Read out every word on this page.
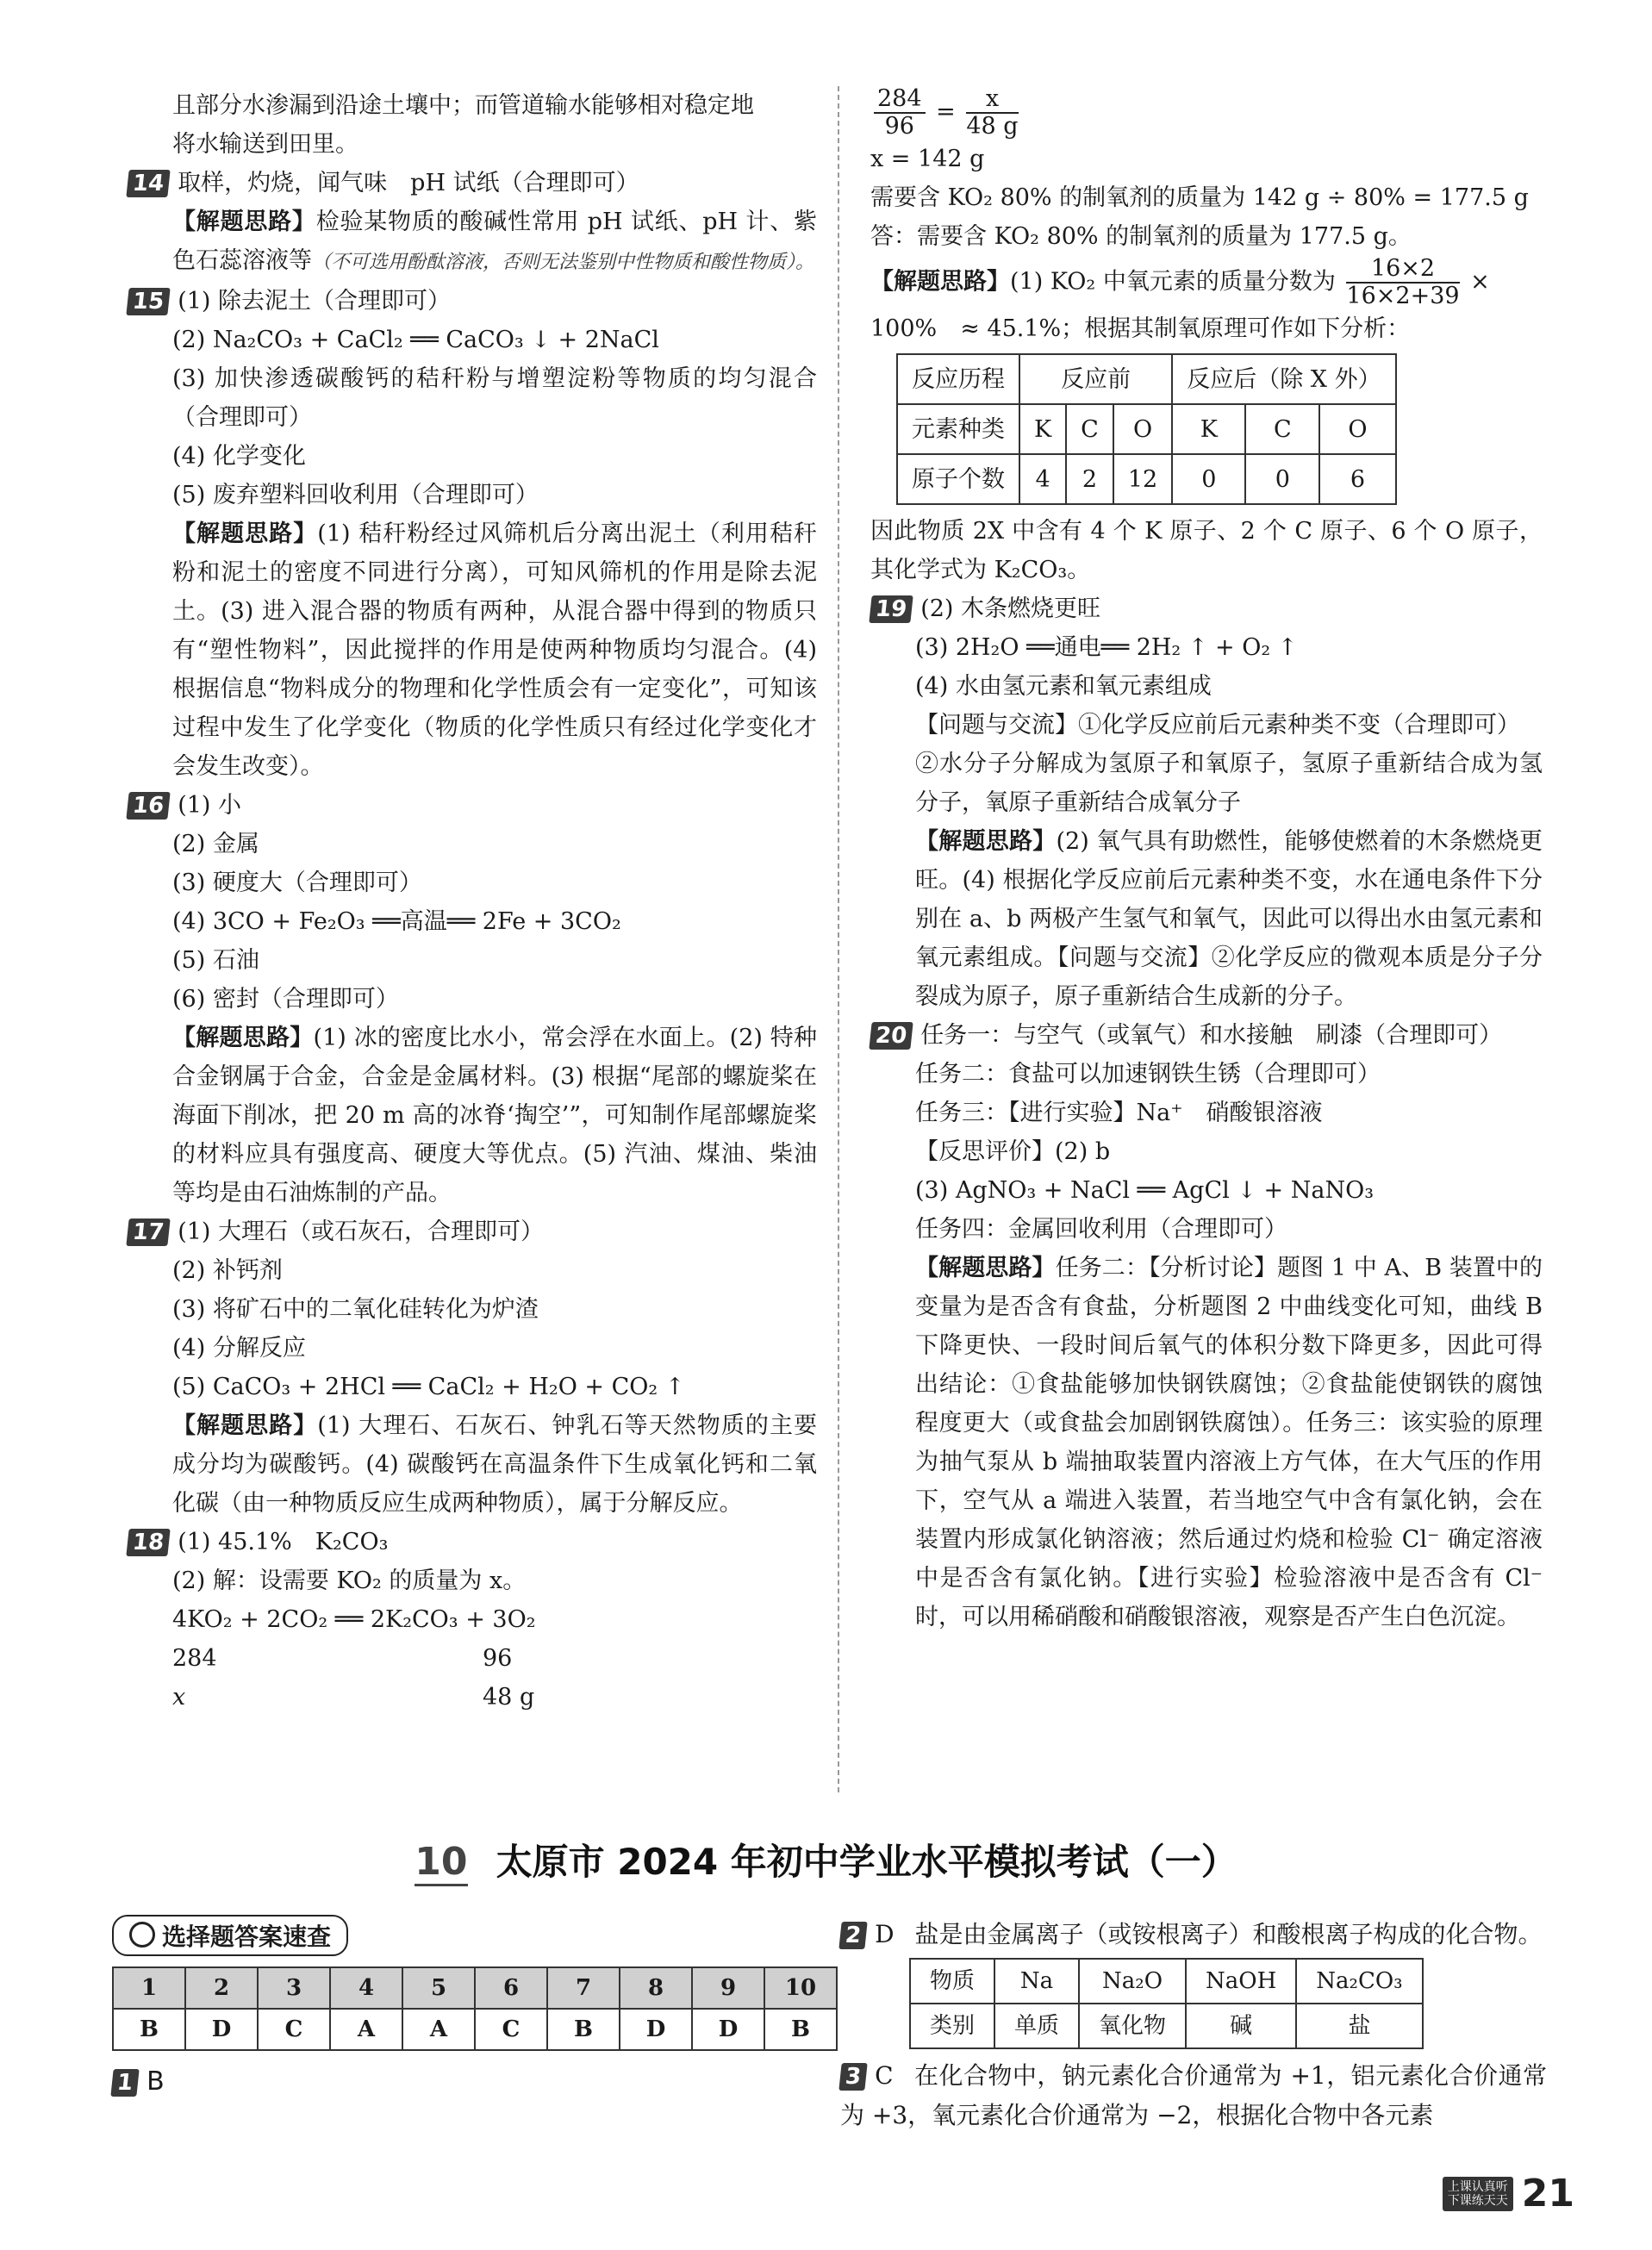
且部分水渗漏到沿途土壤中；而管道输水能够相对稳定地
将水输送到田里。
14 取样，灼烧，闻气味　pH 试纸（合理即可）
【解题思路】检验某物质的酸碱性常用 pH 试纸、pH 计、紫色石蕊溶液等（不可选用酚酞溶液，否则无法鉴别中性物质和酸性物质）。
15 (1) 除去泥土（合理即可）
(2) Na₂CO₃ + CaCl₂ ══ CaCO₃ ↓ + 2NaCl
(3) 加快渗透碳酸钙的秸秆粉与增塑淀粉等物质的均匀混合（合理即可）
(4) 化学变化
(5) 废弃塑料回收利用（合理即可）
【解题思路】(1) 秸秆粉经过风筛机后分离出泥土（利用秸秆粉和泥土的密度不同进行分离），可知风筛机的作用是除去泥土。(3) 进入混合器的物质有两种，从混合器中得到的物质只有“塑性物料”，因此搅拌的作用是使两种物质均匀混合。(4) 根据信息“物料成分的物理和化学性质会有一定变化”，可知该过程中发生了化学变化（物质的化学性质只有经过化学变化才会发生改变）。
16 (1) 小
(2) 金属
(3) 硬度大（合理即可）
(4) 3CO + Fe₂O₃ ══高温══ 2Fe + 3CO₂
(5) 石油
(6) 密封（合理即可）
【解题思路】(1) 冰的密度比水小，常会浮在水面上。(2) 特种合金钢属于合金，合金是金属材料。(3) 根据“尾部的螺旋桨在海面下削冰，把 20 m 高的冰脊‘掏空’”，可知制作尾部螺旋桨的材料应具有强度高、硬度大等优点。(5) 汽油、煤油、柴油等均是由石油炼制的产品。
17 (1) 大理石（或石灰石，合理即可）
(2) 补钙剂
(3) 将矿石中的二氧化硅转化为炉渣
(4) 分解反应
(5) CaCO₃ + 2HCl ══ CaCl₂ + H₂O + CO₂ ↑
【解题思路】(1) 大理石、石灰石、钟乳石等天然物质的主要成分均为碳酸钙。(4) 碳酸钙在高温条件下生成氧化钙和二氧化碳（由一种物质反应生成两种物质），属于分解反应。
18 (1) 45.1%　K₂CO₃
(2) 解：设需要 KO₂ 的质量为 x。
4KO₂ + 2CO₂ ══ 2K₂CO₃ + 3O₂
284	96
x	48 g
$\frac{284}{96} = \frac{x}{48 g}$
x = 142 g
需要含 KO₂ 80% 的制氧剂的质量为 142 g ÷ 80% = 177.5 g
答：需要含 KO₂ 80% 的制氧剂的质量为 177.5 g。
【解题思路】(1) KO₂ 中氧元素的质量分数为 $\frac{16\times 2}{16\times 2+39}$ ×
100%　≈ 45.1%；根据其制氧原理可作如下分析：
反应历程	反应前			反应后（除 X 外）		
元素种类	K	C	O	K	C	O
原子个数	4	2	12	0	0	6
因此物质 2X 中含有 4 个 K 原子、2 个 C 原子、6 个 O 原子，其化学式为 K₂CO₃。
19 (2) 木条燃烧更旺
(3) 2H₂O ══通电══ 2H₂ ↑ + O₂ ↑
(4) 水由氢元素和氧元素组成
【问题与交流】①化学反应前后元素种类不变（合理即可）
②水分子分解成为氢原子和氧原子，氢原子重新结合成为氢分子，氧原子重新结合成氧分子
【解题思路】(2) 氧气具有助燃性，能够使燃着的木条燃烧更旺。(4) 根据化学反应前后元素种类不变，水在通电条件下分别在 a、b 两极产生氢气和氧气，因此可以得出水由氢元素和氧元素组成。【问题与交流】②化学反应的微观本质是分子分裂成为原子，原子重新结合生成新的分子。
20 任务一：与空气（或氧气）和水接触　刷漆（合理即可）
任务二：食盐可以加速钢铁生锈（合理即可）
任务三：【进行实验】Na⁺　硝酸银溶液
【反思评价】(2) b
(3) AgNO₃ + NaCl ══ AgCl ↓ + NaNO₃
任务四：金属回收利用（合理即可）
【解题思路】任务二：【分析讨论】题图 1 中 A、B 装置中的变量为是否含有食盐，分析题图 2 中曲线变化可知，曲线 B 下降更快、一段时间后氧气的体积分数下降更多，因此可得出结论：①食盐能够加快钢铁腐蚀；②食盐能使钢铁的腐蚀程度更大（或食盐会加剧钢铁腐蚀）。任务三：该实验的原理为抽气泵从 b 端抽取装置内溶液上方气体，在大气压的作用下，空气从 a 端进入装置，若当地空气中含有氯化钠，会在装置内形成氯化钠溶液；然后通过灼烧和检验 Cl⁻ 确定溶液中是否含有氯化钠。【进行实验】检验溶液中是否含有 Cl⁻ 时，可以用稀硝酸和硝酸银溶液，观察是否产生白色沉淀。
10 太原市 2024 年初中学业水平模拟考试（一）
选择题答案速查
1	2	3	4	5	6	7	8	9	10
B	D	C	A	A	C	B	D	D	B
1 B
2 D 盐是由金属离子（或铵根离子）和酸根离子构成的化合物。
物质	Na	Na₂O	NaOH	Na₂CO₃
类别	单质	氧化物	碱	盐
3 C 在化合物中，钠元素化合价通常为 +1，铝元素化合价通常为 +3，氧元素化合价通常为 −2，根据化合物中各元素
上课认真听
下课练天天 21
